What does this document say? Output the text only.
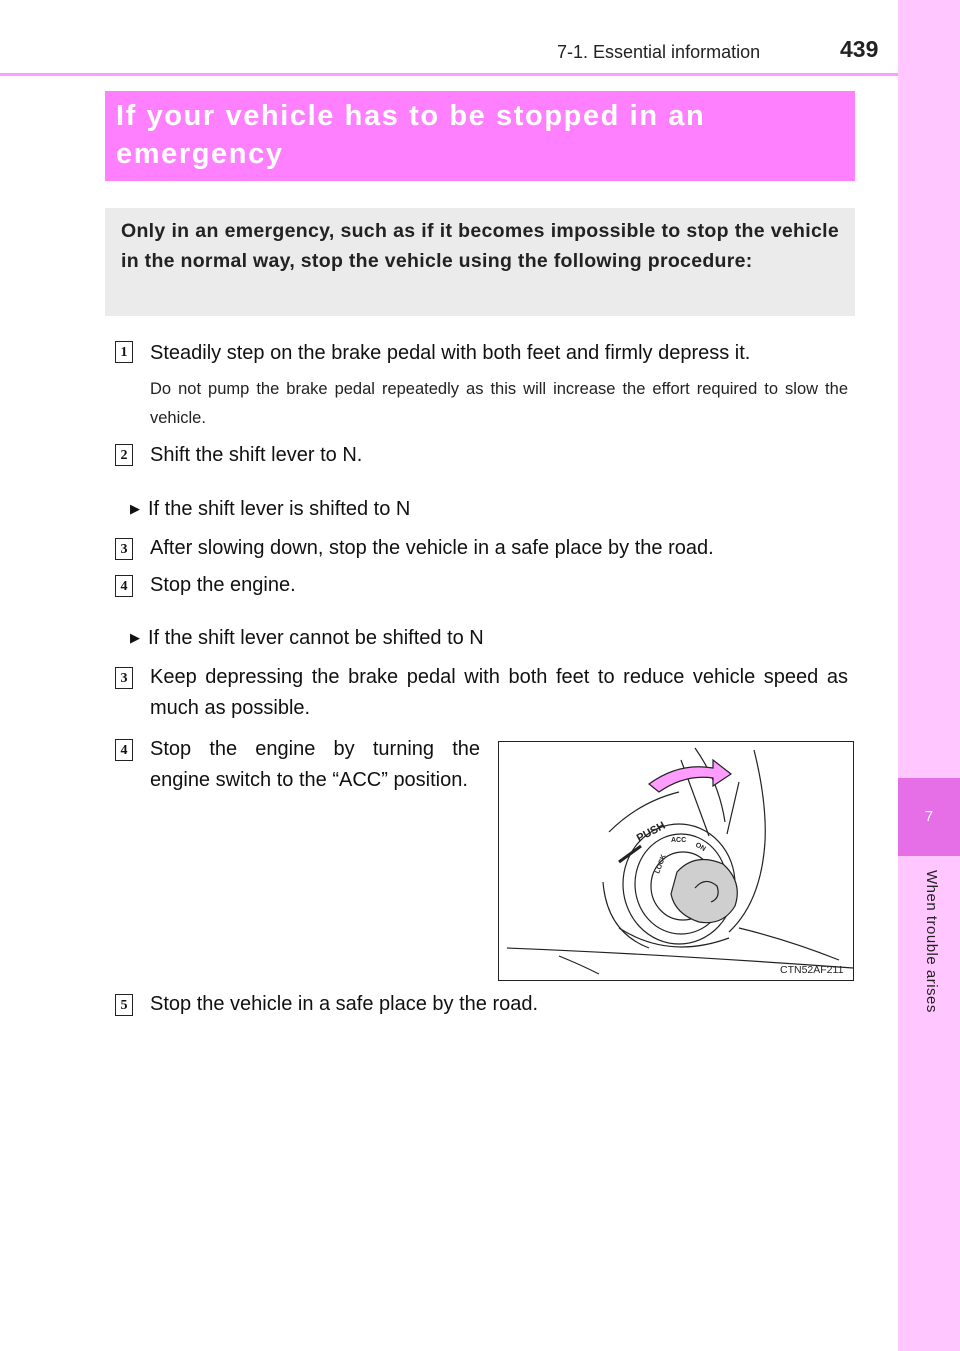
7
When trouble arises
7-1. Essential information	439
If your vehicle has to be stopped in an emergency
Only in an emergency, such as if it becomes impossible to stop the vehicle in the normal way, stop the vehicle using the following procedure:
1 Steadily step on the brake pedal with both feet and firmly depress it.
Do not pump the brake pedal repeatedly as this will increase the effort required to slow the vehicle.
2 Shift the shift lever to N.
▶ If the shift lever is shifted to N
3 After slowing down, stop the vehicle in a safe place by the road.
4 Stop the engine.
▶ If the shift lever cannot be shifted to N
3 Keep depressing the brake pedal with both feet to reduce vehicle speed as much as possible.
4 Stop the engine by turning the engine switch to the “ACC” position.
PUSH
LOCK
ACC
ON
CTN52AF211
5 Stop the vehicle in a safe place by the road.
